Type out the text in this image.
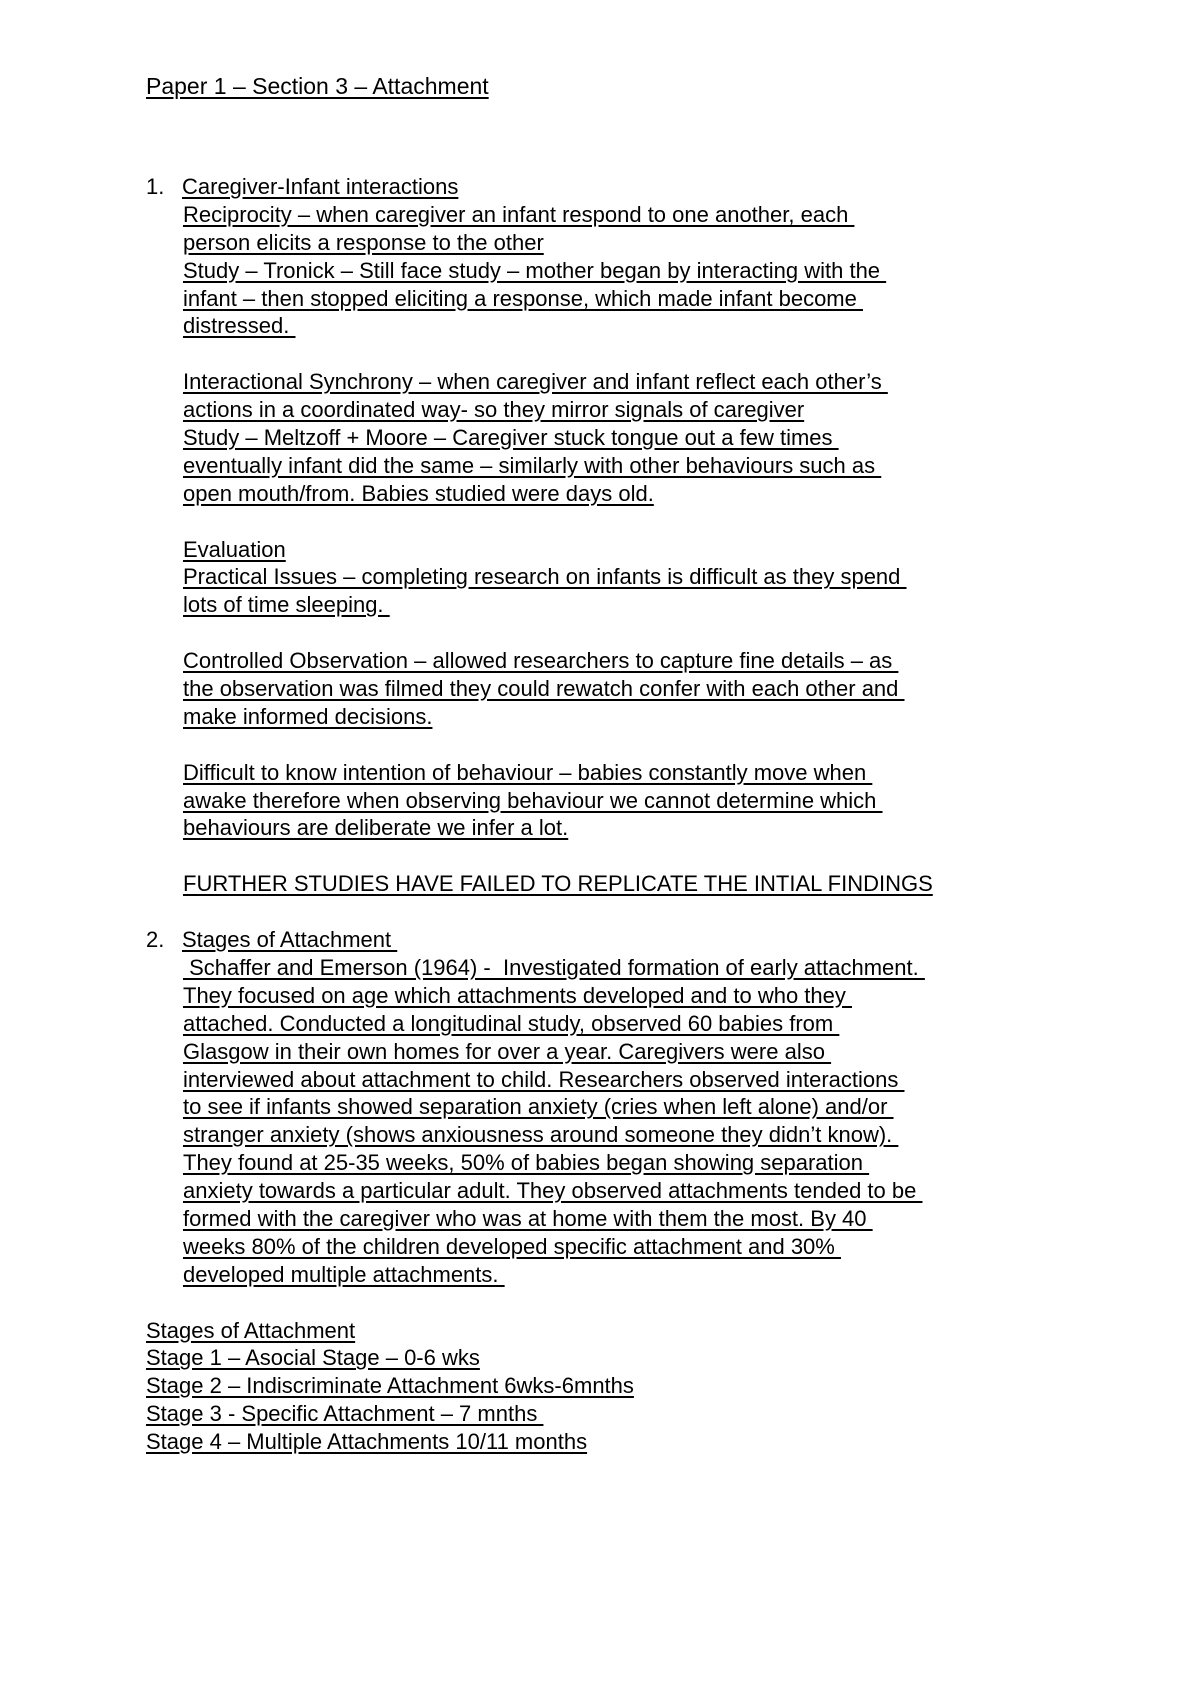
Paper 1 – Section 3 – Attachment
1. Caregiver-Infant interactions
Reciprocity – when caregiver an infant respond to one another, each
person elicits a response to the other
Study – Tronick – Still face study – mother began by interacting with the
infant – then stopped eliciting a response, which made infant become
distressed.
Interactional Synchrony – when caregiver and infant reflect each other’s
actions in a coordinated way- so they mirror signals of caregiver
Study – Meltzoff + Moore – Caregiver stuck tongue out a few times
eventually infant did the same – similarly with other behaviours such as
open mouth/from. Babies studied were days old.
Evaluation
Practical Issues – completing research on infants is difficult as they spend
lots of time sleeping.
Controlled Observation – allowed researchers to capture fine details – as
the observation was filmed they could rewatch confer with each other and
make informed decisions.
Difficult to know intention of behaviour – babies constantly move when
awake therefore when observing behaviour we cannot determine which
behaviours are deliberate we infer a lot.
FURTHER STUDIES HAVE FAILED TO REPLICATE THE INTIAL FINDINGS
2. Stages of Attachment
Schaffer and Emerson (1964) -  Investigated formation of early attachment.
They focused on age which attachments developed and to who they
attached. Conducted a longitudinal study, observed 60 babies from
Glasgow in their own homes for over a year. Caregivers were also
interviewed about attachment to child. Researchers observed interactions
to see if infants showed separation anxiety (cries when left alone) and/or
stranger anxiety (shows anxiousness around someone they didn’t know).
They found at 25-35 weeks, 50% of babies began showing separation
anxiety towards a particular adult. They observed attachments tended to be
formed with the caregiver who was at home with them the most. By 40
weeks 80% of the children developed specific attachment and 30%
developed multiple attachments.
Stages of Attachment
Stage 1 – Asocial Stage – 0-6 wks
Stage 2 – Indiscriminate Attachment 6wks-6mnths
Stage 3 - Specific Attachment – 7 mnths
Stage 4 – Multiple Attachments 10/11 months
